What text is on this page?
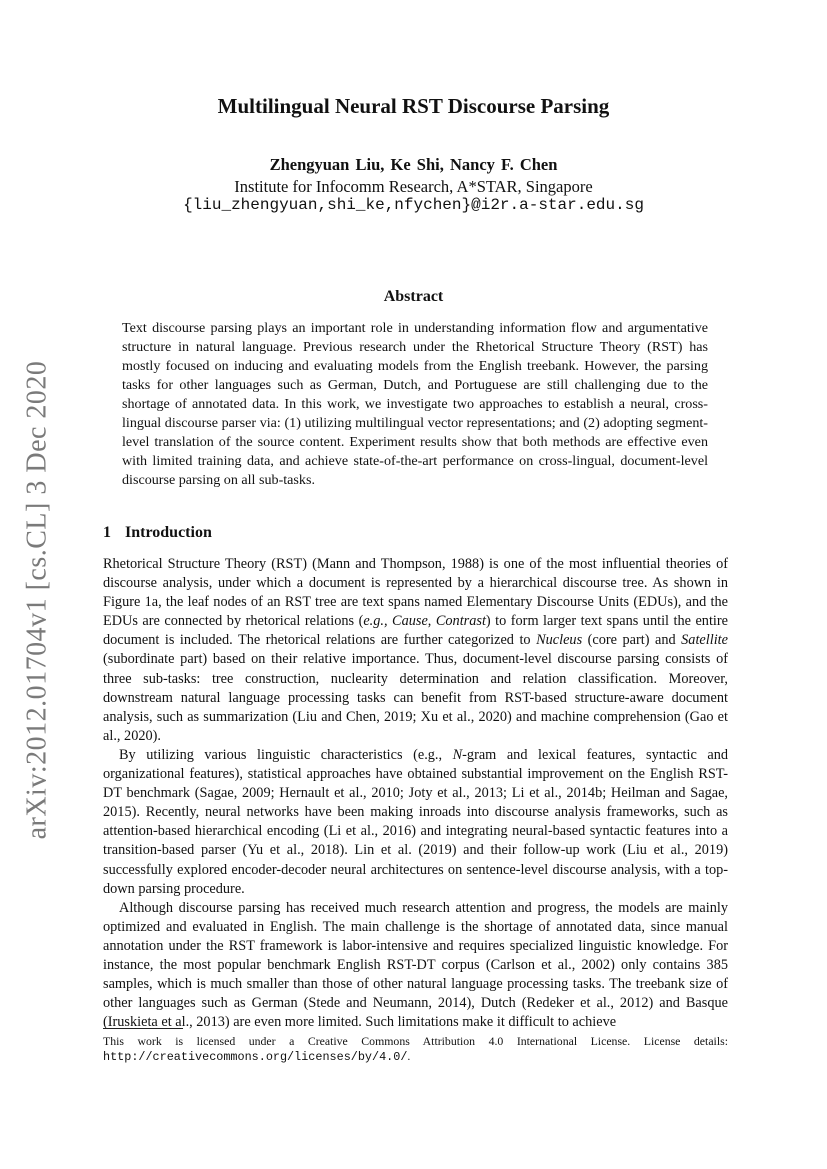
arXiv:2012.01704v1 [cs.CL] 3 Dec 2020
Multilingual Neural RST Discourse Parsing
Zhengyuan Liu, Ke Shi, Nancy F. Chen
Institute for Infocomm Research, A*STAR, Singapore
{liu_zhengyuan,shi_ke,nfychen}@i2r.a-star.edu.sg
Abstract

Text discourse parsing plays an important role in understanding information flow and argumentative structure in natural language. Previous research under the Rhetorical Structure Theory (RST) has mostly focused on inducing and evaluating models from the English treebank. However, the parsing tasks for other languages such as German, Dutch, and Portuguese are still challenging due to the shortage of annotated data. In this work, we investigate two approaches to establish a neural, cross-lingual discourse parser via: (1) utilizing multilingual vector representations; and (2) adopting segment-level translation of the source content. Experiment results show that both methods are effective even with limited training data, and achieve state-of-the-art performance on cross-lingual, document-level discourse parsing on all sub-tasks.

1 Introduction

Rhetorical Structure Theory (RST) (Mann and Thompson, 1988) is one of the most influential theories of discourse analysis, under which a document is represented by a hierarchical discourse tree. As shown in Figure 1a, the leaf nodes of an RST tree are text spans named Elementary Discourse Units (EDUs), and the EDUs are connected by rhetorical relations (e.g., Cause, Contrast) to form larger text spans until the entire document is included. The rhetorical relations are further categorized to Nucleus (core part) and Satellite (subordinate part) based on their relative importance. Thus, document-level discourse parsing consists of three sub-tasks: tree construction, nuclearity determination and relation classification. Moreover, downstream natural language processing tasks can benefit from RST-based structure-aware document analysis, such as summarization (Liu and Chen, 2019; Xu et al., 2020) and machine comprehension (Gao et al., 2020).

By utilizing various linguistic characteristics (e.g., N-gram and lexical features, syntactic and organizational features), statistical approaches have obtained substantial improvement on the English RST-DT benchmark (Sagae, 2009; Hernault et al., 2010; Joty et al., 2013; Li et al., 2014b; Heilman and Sagae, 2015). Recently, neural networks have been making inroads into discourse analysis frameworks, such as attention-based hierarchical encoding (Li et al., 2016) and integrating neural-based syntactic features into a transition-based parser (Yu et al., 2018). Lin et al. (2019) and their follow-up work (Liu et al., 2019) successfully explored encoder-decoder neural architectures on sentence-level discourse analysis, with a top-down parsing procedure.

Although discourse parsing has received much research attention and progress, the models are mainly optimized and evaluated in English. The main challenge is the shortage of annotated data, since manual annotation under the RST framework is labor-intensive and requires specialized linguistic knowledge. For instance, the most popular benchmark English RST-DT corpus (Carlson et al., 2002) only contains 385 samples, which is much smaller than those of other natural language processing tasks. The treebank size of other languages such as German (Stede and Neumann, 2014), Dutch (Redeker et al., 2012) and Basque (Iruskieta et al., 2013) are even more limited. Such limitations make it difficult to achieve

This work is licensed under a Creative Commons Attribution 4.0 International License. License details: http://creativecommons.org/licenses/by/4.0/.
